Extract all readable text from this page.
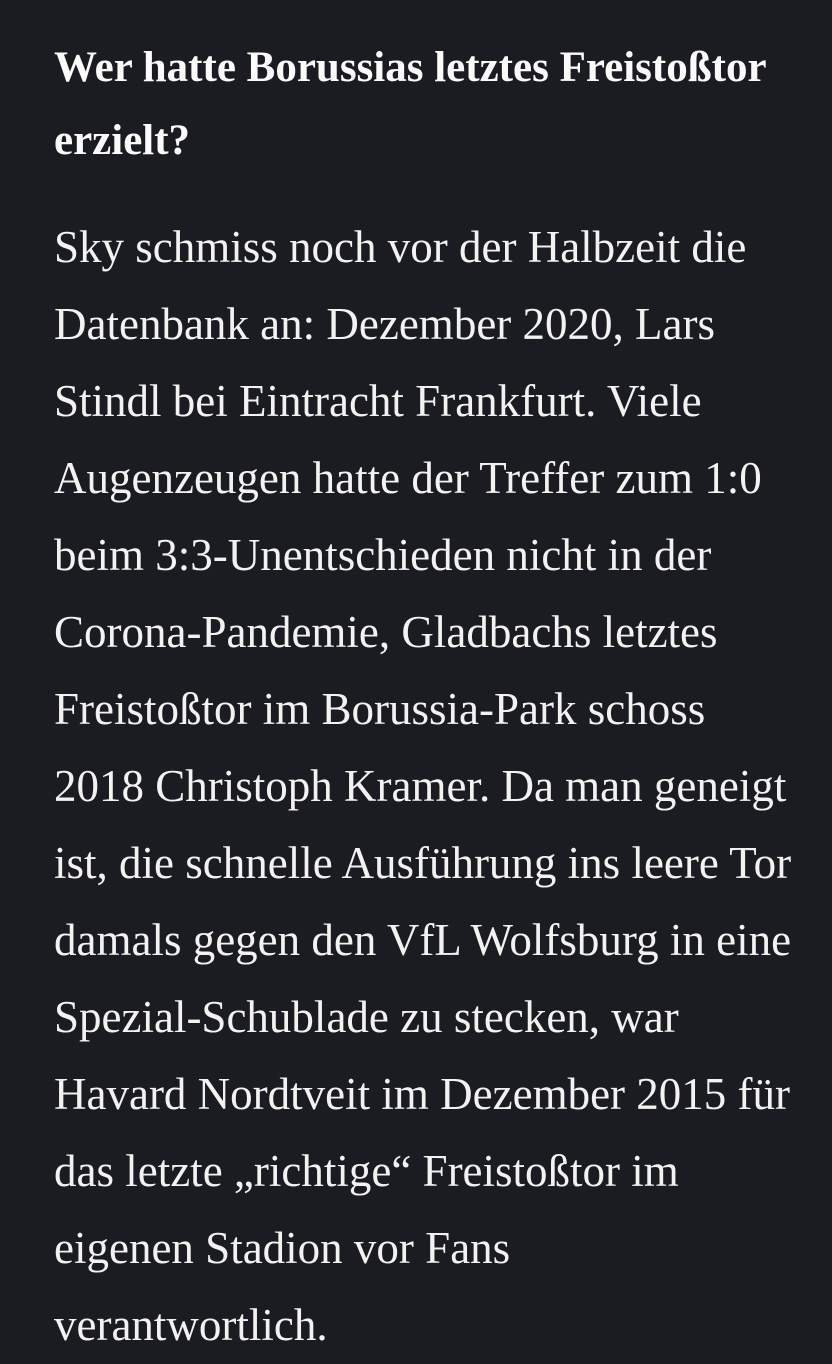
Wer hatte Borussias letztes Freistoßtor erzielt?

Sky schmiss noch vor der Halbzeit die Datenbank an: Dezember 2020, Lars Stindl bei Eintracht Frankfurt. Viele Augenzeugen hatte der Treffer zum 1:0 beim 3:3-Unentschieden nicht in der Corona-Pandemie, Gladbachs letztes Freistoßtor im Borussia-Park schoss 2018 Christoph Kramer. Da man geneigt ist, die schnelle Ausführung ins leere Tor damals gegen den VfL Wolfsburg in eine Spezial-Schublade zu stecken, war Havard Nordtveit im Dezember 2015 für das letzte „richtige“ Freistoßtor im eigenen Stadion vor Fans verantwortlich.
